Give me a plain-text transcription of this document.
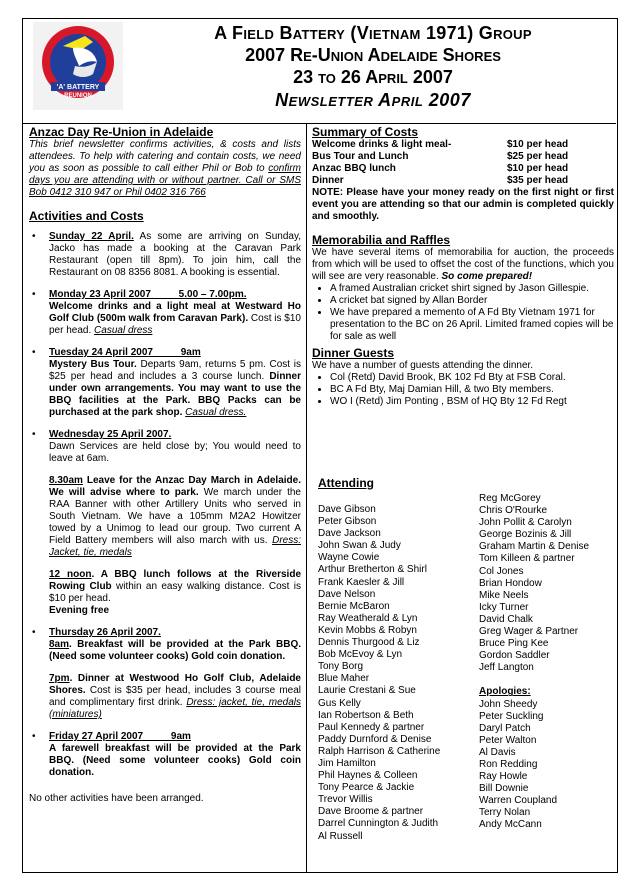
'A' BATTERY
REUNION
A Field Battery (Vietnam 1971) Group
2007 Re-Union Adelaide Shores
23 to 26 April 2007
Newsletter April 2007
Anzac Day Re-Union in Adelaide

This brief newsletter confirms activities, & costs and lists attendees. To help with catering and contain costs, we need you as soon as possible to call either Phil or Bob to confirm days you are attending with or without partner. Call or SMS Bob 0412 310 947 or Phil 0402 316 766

Activities and Costs
• Sunday 22 April. As some are arriving on Sunday, Jacko has made a booking at the Caravan Park Restaurant (open till 8pm). To join him, call the Restaurant on 08 8356 8081. A booking is essential.

• Monday 23 April 2007          5.00 – 7.00pm.

Welcome drinks and a light meal at Westward Ho Golf Club (500m walk from Caravan Park). Cost is $10 per head. Casual dress

• Tuesday 24 April 2007          9am

Mystery Bus Tour. Departs 9am, returns 5 pm. Cost is $25 per head and includes a 3 course lunch. Dinner under own arrangements. You may want to use the BBQ facilities at the Park. BBQ Packs can be purchased at the park shop. Casual dress.

• Wednesday 25 April 2007.

Dawn Services are held close by; You would need to leave at 6am.

8.30am Leave for the Anzac Day March in Adelaide. We will advise where to park. We march under the RAA Banner with other Artillery Units who served in South Vietnam. We have a 105mm M2A2 Howitzer towed by a Unimog to lead our group. Two current A Field Battery members will also march with us. Dress: Jacket, tie, medals

12 noon. A BBQ lunch follows at the Riverside Rowing Club within an easy walking distance. Cost is $10 per head.

Evening free

• Thursday 26 April 2007.

8am. Breakfast will be provided at the Park BBQ. (Need some volunteer cooks) Gold coin donation.

7pm. Dinner at Westwood Ho Golf Club, Adelaide Shores. Cost is $35 per head, includes 3 course meal and complimentary first drink. Dress: jacket, tie, medals (miniatures)

• Friday 27 April 2007          9am

A farewell breakfast will be provided at the Park BBQ. (Need some volunteer cooks) Gold coin donation.

No other activities have been arranged.

Summary of Costs
Welcome drinks & light meal-	$10 per head
Bus Tour and Lunch	$25 per head
Anzac BBQ lunch	$10 per head
Dinner	$35 per head

NOTE: Please have your money ready on the first night or first event you are attending so that our admin is completed quickly and smoothly.

Memorabilia and Raffles

We have several items of memorabilia for auction, the proceeds from which will be used to offset the cost of the functions, which you will see are very reasonable. So come prepared!

• A framed Australian cricket shirt signed by Jason Gillespie.
• A cricket bat signed by Allan Border
• We have prepared a memento of A Fd Bty Vietnam 1971 for presentation to the BC on 26 April. Limited framed copies will be for sale as well
Dinner Guests

We have a number of guests attending the dinner.

• Col (Retd) David Brook, BK 102 Fd Bty at FSB Coral.
• BC A Fd Bty, Maj Damian Hill, & two Bty members.
• WO I (Retd) Jim Ponting , BSM of HQ Bty 12 Fd Regt
Attending
Dave Gibson
Peter Gibson
Dave Jackson
John Swan & Judy
Wayne Cowie
Arthur Bretherton & Shirl
Frank Kaesler & Jill
Dave Nelson
Bernie McBaron
Ray Weatherald & Lyn
Kevin Mobbs & Robyn
Dennis Thurgood & Liz
Bob McEvoy & Lyn
Tony Borg
Blue Maher
Laurie Crestani & Sue
Gus Kelly
Ian Robertson & Beth
Paul Kennedy & partner
Paddy Durnford & Denise
Ralph Harrison & Catherine
Jim Hamilton
Phil Haynes & Colleen
Tony Pearce & Jackie
Trevor Willis
Dave Broome & partner
Darrel Cunnington & Judith
Al Russell
Reg McGorey
Chris O'Rourke
John Pollit & Carolyn
George Bozinis & Jill
Graham Martin & Denise
Tom Killeen & partner
Col Jones
Brian Hondow
Mike Neels
Icky Turner
David Chalk
Greg Wager & Partner
Bruce Ping Kee
Gordon Saddler
Jeff Langton
Apologies:
John Sheedy
Peter Suckling
Daryl Patch
Peter Walton
Al Davis
Ron Redding
Ray Howle
Bill Downie
Warren Coupland
Terry Nolan
Andy McCann
